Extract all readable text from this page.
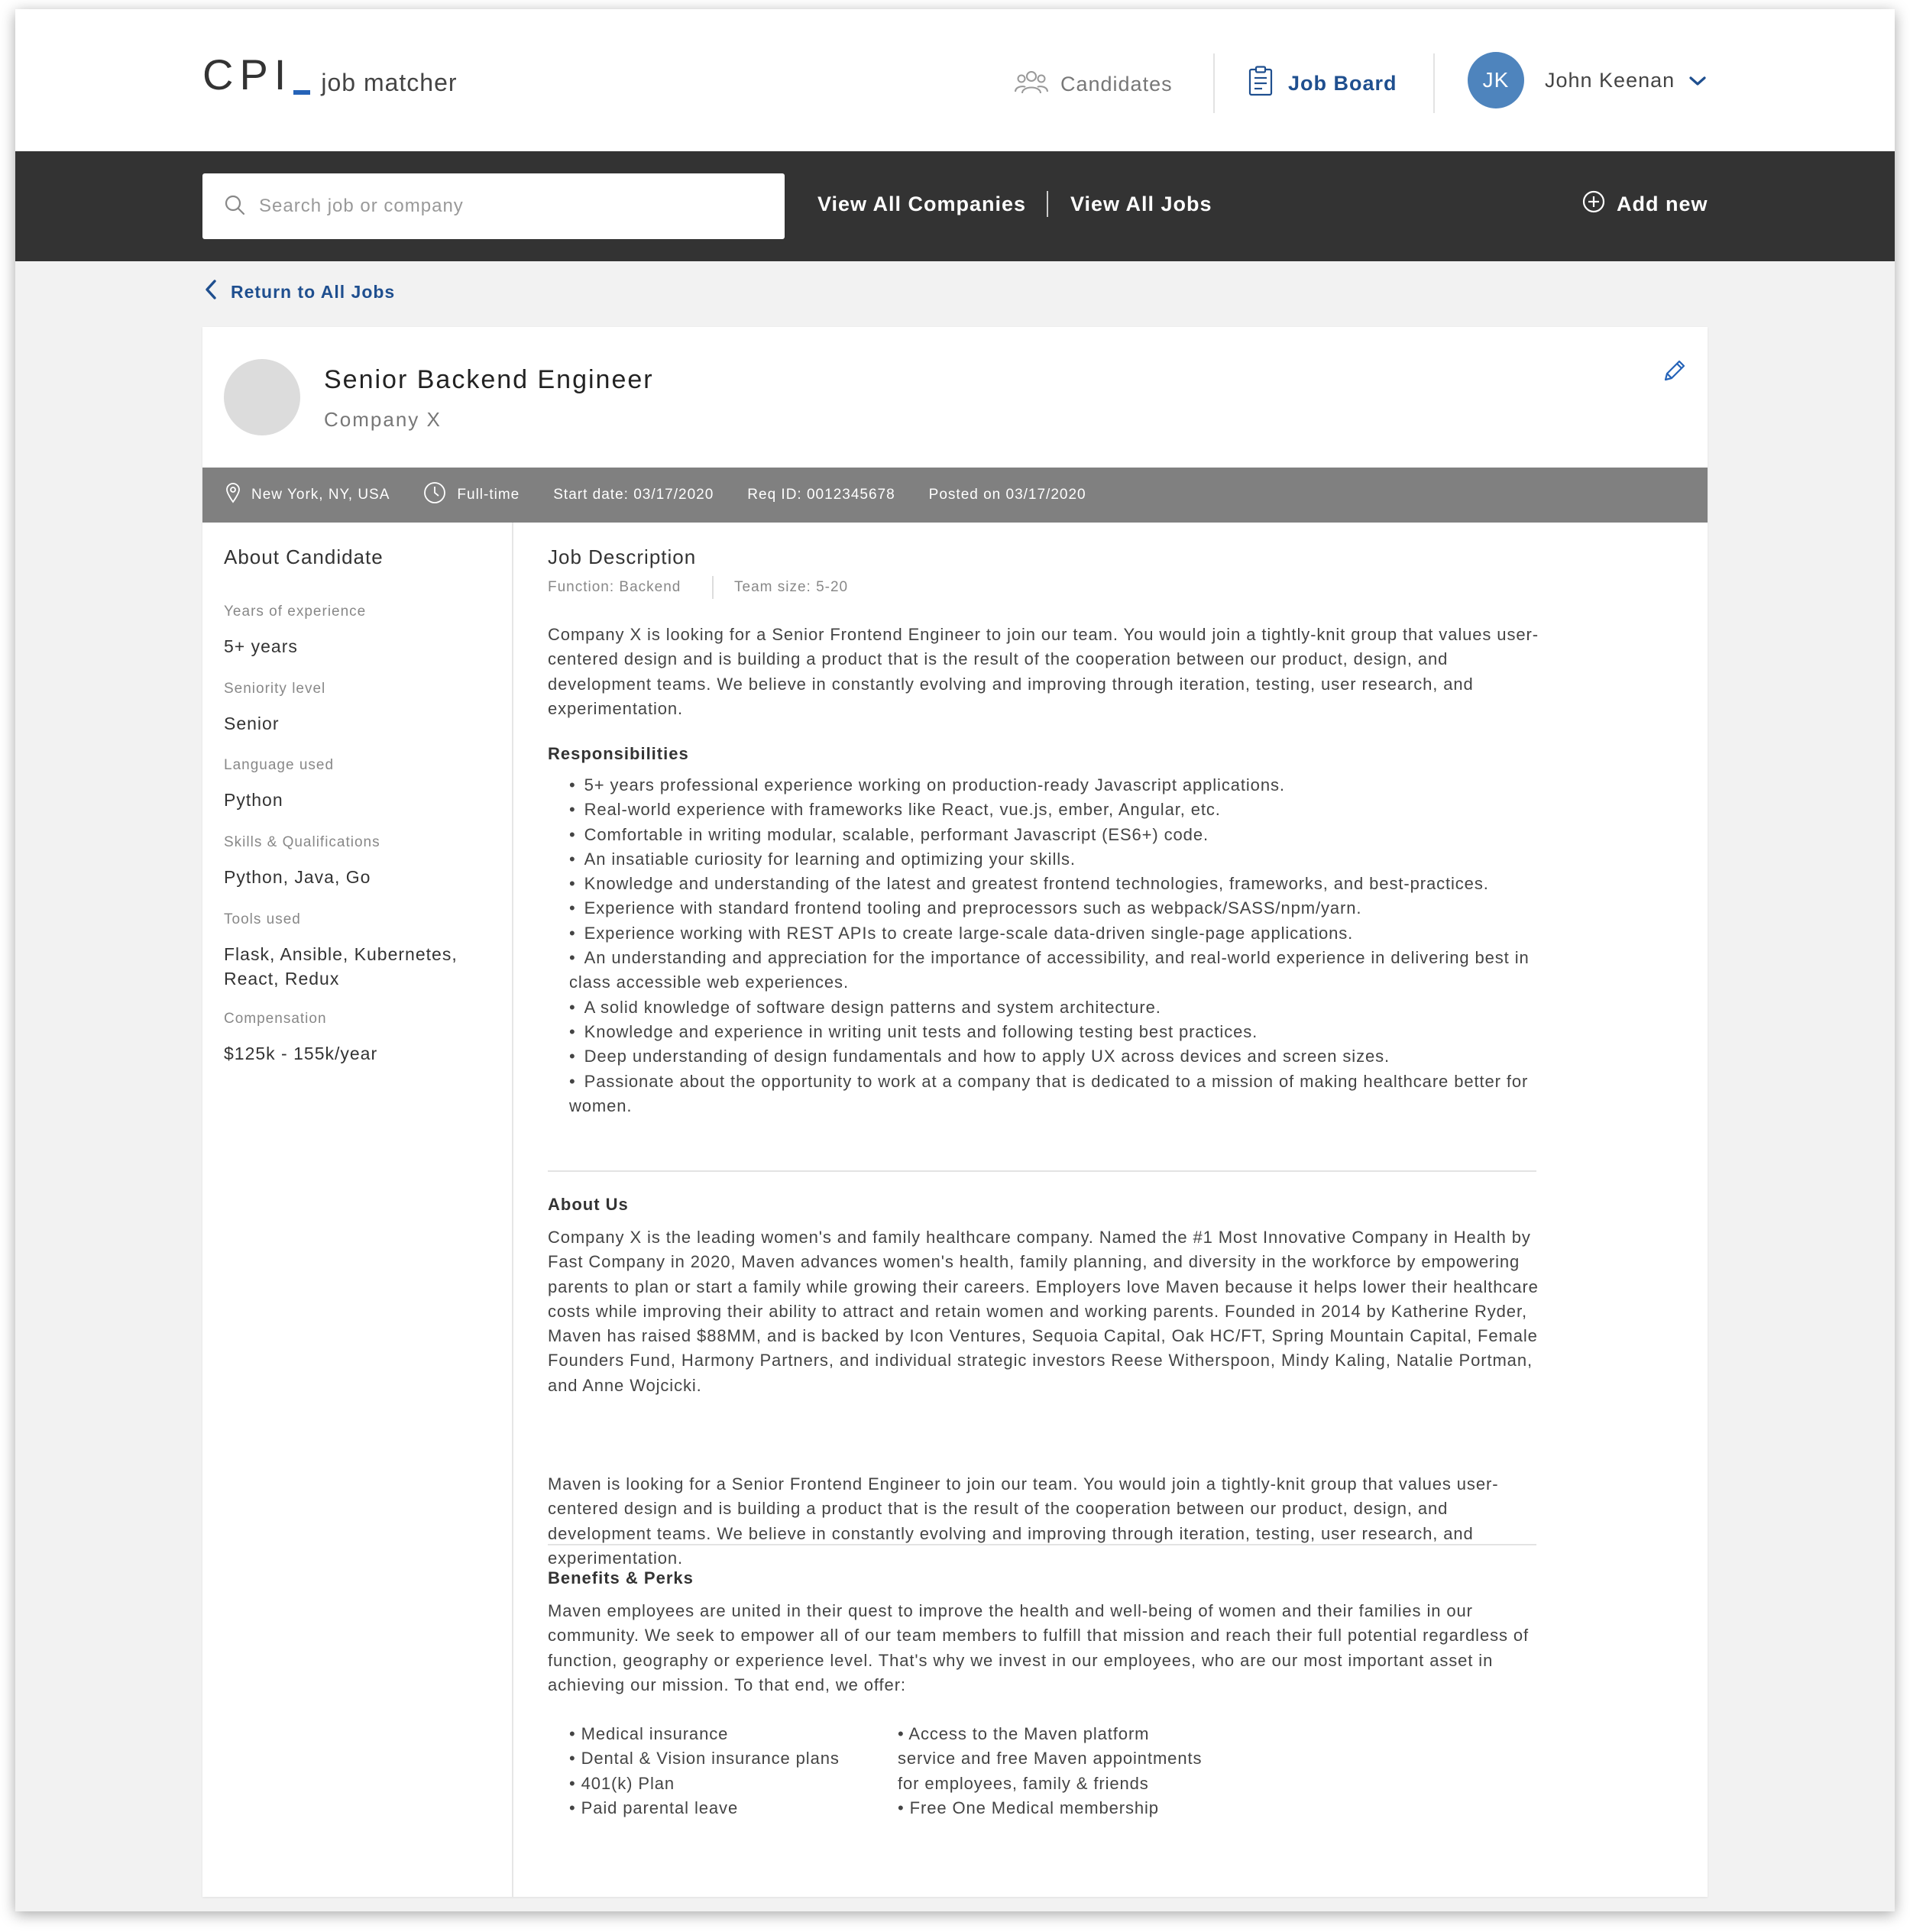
CPI job matcher	Candidates	Job Board	JK	John Keenan
Search job or company
View All Companies View All Jobs	Add new
Return to All Jobs
Senior Backend Engineer
Company X
New York, NY, USA	Full-time Start date: 03/17/2020 Req ID: 0012345678 Posted on 03/17/2020
About Candidate
Years of experience
5+ years
Seniority level
Senior
Language used
Python
Skills & Qualifications
Python, Java, Go
Tools used
Flask, Ansible, Kubernetes, React, Redux
Compensation
$125k - 155k/year
Job Description
Function: Backend	Team size: 5-20
Company X is looking for a Senior Frontend Engineer to join our team. You would join a tightly-knit group that values user-centered design and is building a product that is the result of the cooperation between our product, design, and development teams. We believe in constantly evolving and improving through iteration, testing, user research, and experimentation.
Responsibilities
• 5+ years professional experience working on production-ready Javascript applications.
• Real-world experience with frameworks like React, vue.js, ember, Angular, etc.
• Comfortable in writing modular, scalable, performant Javascript (ES6+) code.
• An insatiable curiosity for learning and optimizing your skills.
• Knowledge and understanding of the latest and greatest frontend technologies, frameworks, and best-practices.
• Experience with standard frontend tooling and preprocessors such as webpack/SASS/npm/yarn.
• Experience working with REST APIs to create large-scale data-driven single-page applications.
• An understanding and appreciation for the importance of accessibility, and real-world experience in delivering best in class accessible web experiences.
• A solid knowledge of software design patterns and system architecture.
• Knowledge and experience in writing unit tests and following testing best practices.
• Deep understanding of design fundamentals and how to apply UX across devices and screen sizes.
• Passionate about the opportunity to work at a company that is dedicated to a mission of making healthcare better for women.
About Us
Company X is the leading women's and family healthcare company. Named the #1 Most Innovative Company in Health by Fast Company in 2020, Maven advances women's health, family planning, and diversity in the workforce by empowering parents to plan or start a family while growing their careers. Employers love Maven because it helps lower their healthcare costs while improving their ability to attract and retain women and working parents. Founded in 2014 by Katherine Ryder, Maven has raised $88MM, and is backed by Icon Ventures, Sequoia Capital, Oak HC/FT, Spring Mountain Capital, Female Founders Fund, Harmony Partners, and individual strategic investors Reese Witherspoon, Mindy Kaling, Natalie Portman, and Anne Wojcicki.
Maven is looking for a Senior Frontend Engineer to join our team. You would join a tightly-knit group that values user-centered design and is building a product that is the result of the cooperation between our product, design, and development teams. We believe in constantly evolving and improving through iteration, testing, user research, and experimentation.
Benefits & Perks
Maven employees are united in their quest to improve the health and well-being of women and their families in our community. We seek to empower all of our team members to fulfill that mission and reach their full potential regardless of function, geography or experience level. That's why we invest in our employees, who are our most important asset in achieving our mission. To that end, we offer:
• Medical insurance
• Dental & Vision insurance plans
• 401(k) Plan
• Paid parental leave
• Access to the Maven platform service and free Maven appointments for employees, family & friends
• Free One Medical membership
